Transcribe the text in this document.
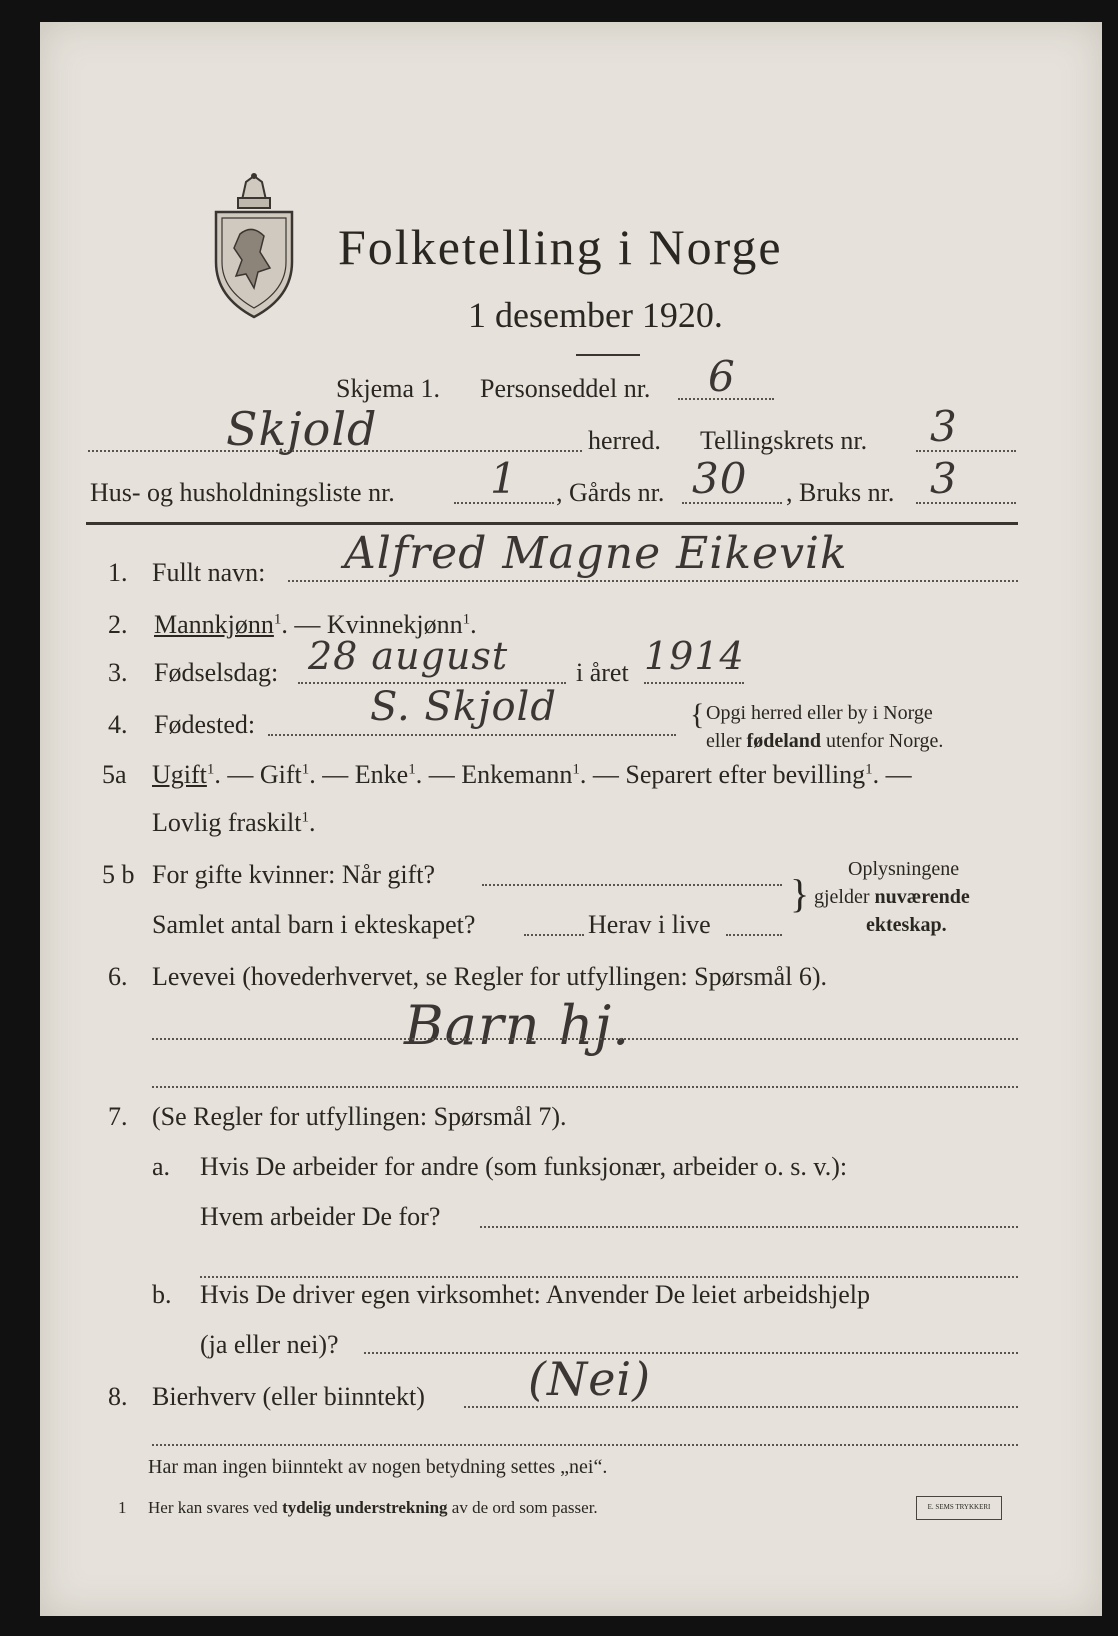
Folketelling i Norge
1 desember 1920.
Skjema 1. Personseddel nr. 6
Skjold	herred. Tellingskrets nr. 3
Hus- og husholdningsliste nr. 1 , Gårds nr. 30 , Bruks nr. 3
1. Fullt navn: Alfred Magne Eikevik
2. Mannkjønn$^1$. — Kvinnekjønn$^1$.
3. Fødselsdag: 28 august	i året 1914
4. Fødested:	S. Skjold	{ Opgi herred eller by i Norge
eller fødeland utenfor Norge.
5a Ugift$^1$. — Gift$^1$. — Enke$^1$. — Enkemann$^1$. — Separert efter bevilling$^1$. —
Lovlig fraskilt$^1$.
5 b For gifte kvinner: Når gift?
Samlet antal barn i ekteskapet?	Herav i live
}
Oplysningene
gjelder nuværende
ekteskap.
6. Levevei (hovederhvervet, se Regler for utfyllingen: Spørsmål 6).
Barn hj.
7. (Se Regler for utfyllingen: Spørsmål 7).
a. Hvis De arbeider for andre (som funksjonær, arbeider o. s. v.):
Hvem arbeider De for?
b. Hvis De driver egen virksomhet: Anvender De leiet arbeidshjelp
(ja eller nei)?
8. Bierhverv (eller biinntekt) (Nei)
Har man ingen biinntekt av nogen betydning settes „nei“.
1 Her kan svares ved tydelig understrekning av de ord som passer.	E. SEMS TRYKKERI
